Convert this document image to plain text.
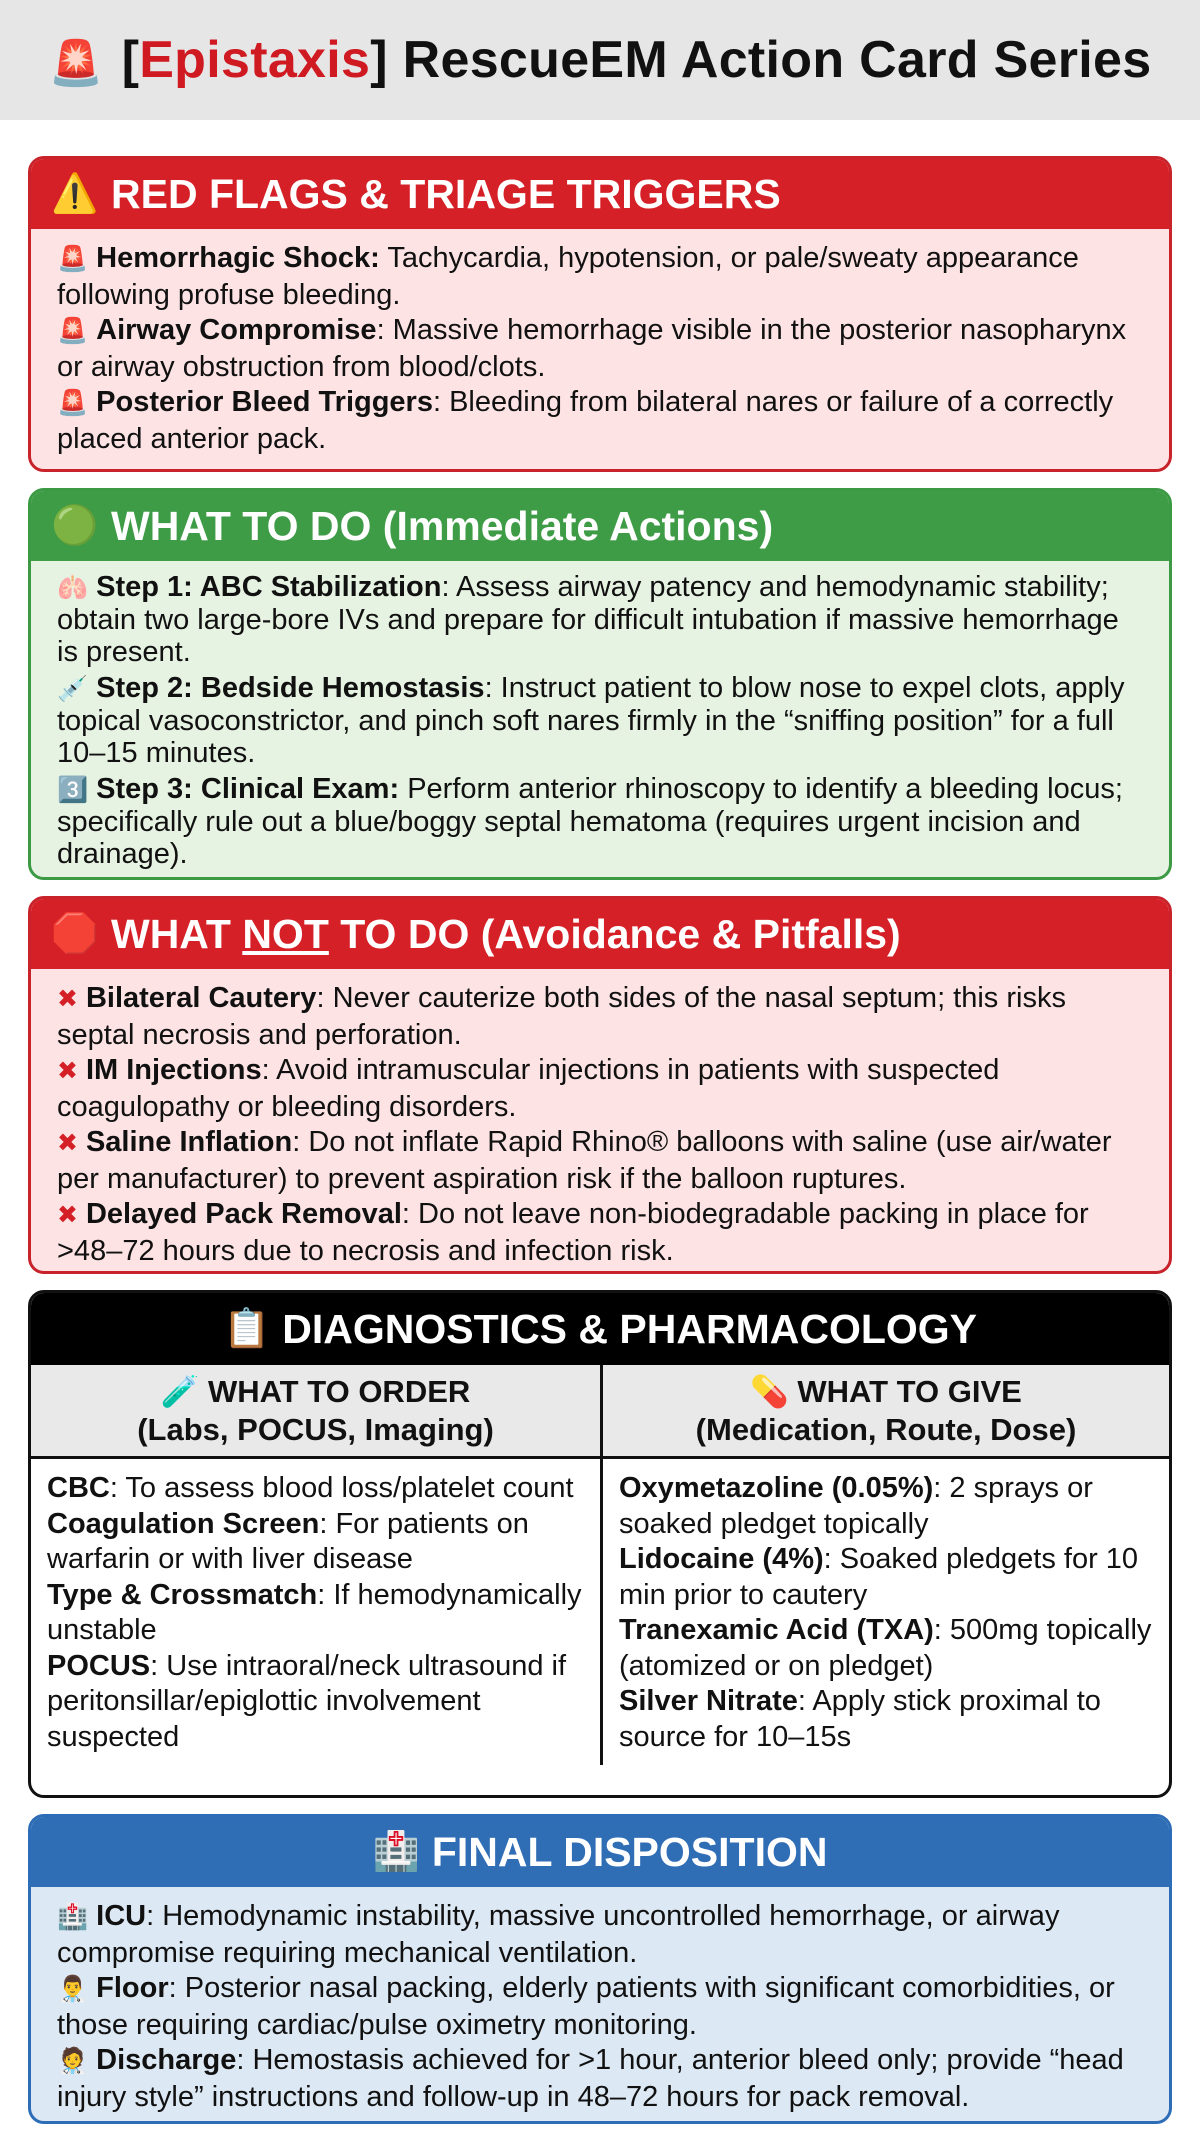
🚨 [Epistaxis] RescueEM Action Card Series
⚠️ RED FLAGS & TRIAGE TRIGGERS
🚨 Hemorrhagic Shock: Tachycardia, hypotension, or pale/sweaty appearance following profuse bleeding.
🚨 Airway Compromise: Massive hemorrhage visible in the posterior nasopharynx or airway obstruction from blood/clots.
🚨 Posterior Bleed Triggers: Bleeding from bilateral nares or failure of a correctly placed anterior pack.
🟢 WHAT TO DO (Immediate Actions)
🫁 Step 1: ABC Stabilization: Assess airway patency and hemodynamic stability; obtain two large-bore IVs and prepare for difficult intubation if massive hemorrhage is present.
💉 Step 2: Bedside Hemostasis: Instruct patient to blow nose to expel clots, apply topical vasoconstrictor, and pinch soft nares firmly in the “sniffing position” for a full 10–15 minutes.
3️⃣ Step 3: Clinical Exam: Perform anterior rhinoscopy to identify a bleeding locus; specifically rule out a blue/boggy septal hematoma (requires urgent incision and drainage).
🛑 WHAT NOT TO DO (Avoidance & Pitfalls)
✖ Bilateral Cautery: Never cauterize both sides of the nasal septum; this risks septal necrosis and perforation.
✖ IM Injections: Avoid intramuscular injections in patients with suspected coagulopathy or bleeding disorders.
✖ Saline Inflation: Do not inflate Rapid Rhino® balloons with saline (use air/water per manufacturer) to prevent aspiration risk if the balloon ruptures.
✖ Delayed Pack Removal: Do not leave non-biodegradable packing in place for >48–72 hours due to necrosis and infection risk.
📋 DIAGNOSTICS & PHARMACOLOGY
🧪 WHAT TO ORDER
(Labs, POCUS, Imaging)
CBC: To assess blood loss/platelet count
Coagulation Screen: For patients on warfarin or with liver disease
Type & Crossmatch: If hemodynamically unstable
POCUS: Use intraoral/neck ultrasound if peritonsillar/epiglottic involvement suspected
💊 WHAT TO GIVE
(Medication, Route, Dose)
Oxymetazoline (0.05%): 2 sprays or soaked pledget topically
Lidocaine (4%): Soaked pledgets for 10 min prior to cautery
Tranexamic Acid (TXA): 500mg topically (atomized or on pledget)
Silver Nitrate: Apply stick proximal to source for 10–15s
🏥 FINAL DISPOSITION
🏥 ICU: Hemodynamic instability, massive uncontrolled hemorrhage, or airway compromise requiring mechanical ventilation.
👨‍⚕️ Floor: Posterior nasal packing, elderly patients with significant comorbidities, or those requiring cardiac/pulse oximetry monitoring.
🧑‍⚕️ Discharge: Hemostasis achieved for >1 hour, anterior bleed only; provide “head injury style” instructions and follow-up in 48–72 hours for pack removal.
